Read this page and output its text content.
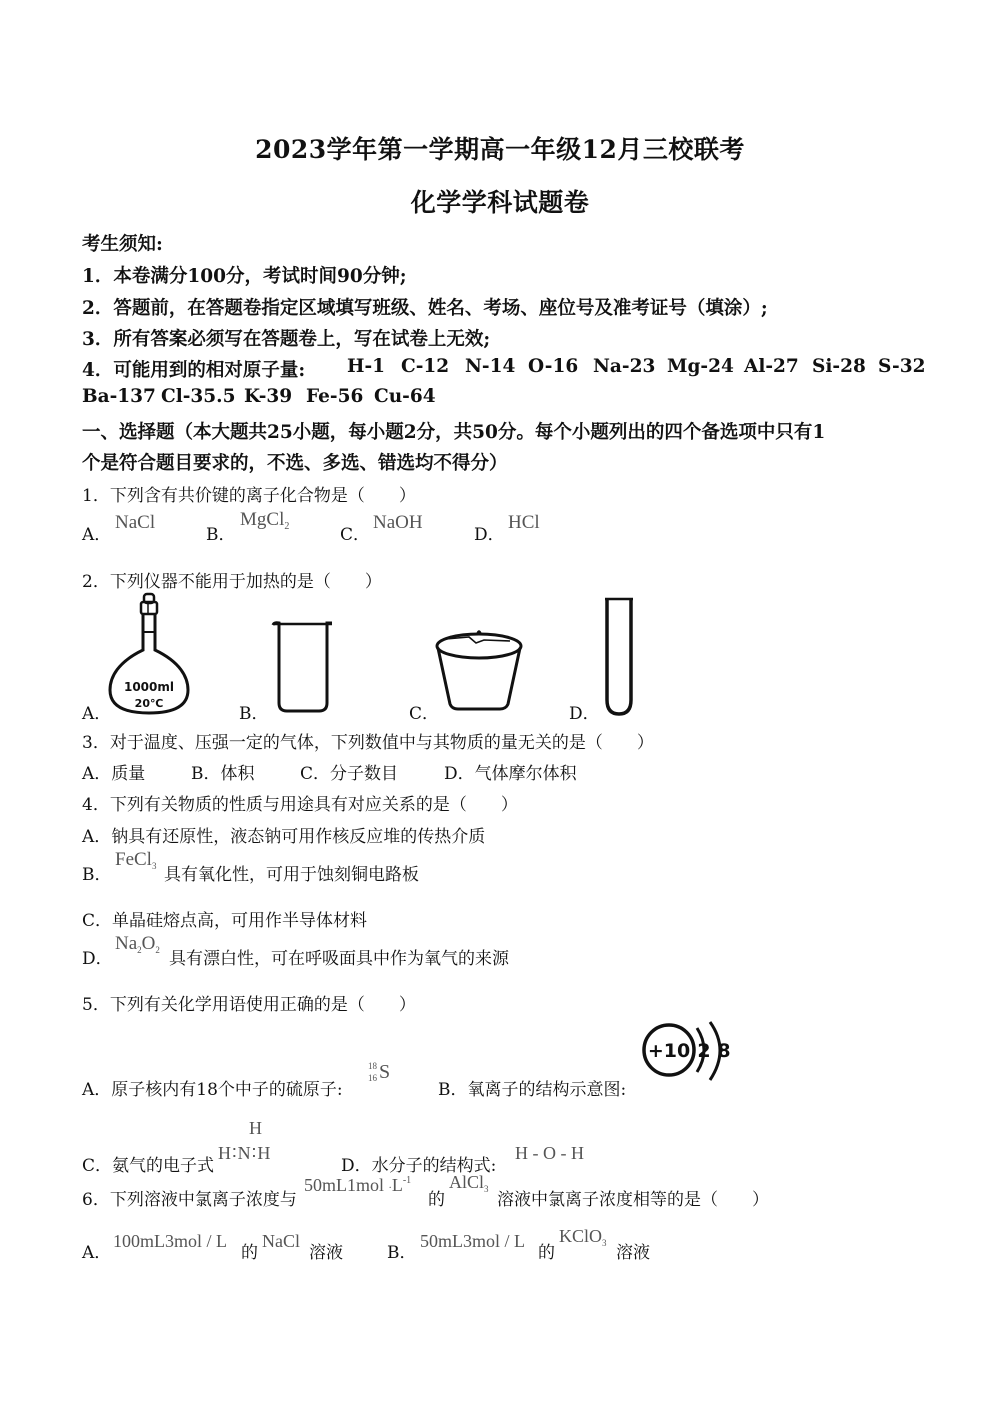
2023学年第一学期高一年级12月三校联考
化学学科试题卷
考生须知:
1．本卷满分100分，考试时间90分钟;
2．答题前，在答题卷指定区域填写班级、姓名、考场、座位号及准考证号（填涂）;
3．所有答案必须写在答题卷上，写在试卷上无效;
4．可能用到的相对原子量: H-1 C-12 N-14 O-16 Na-23 Mg-24 Al-27 Si-28 S-32
Ba-137 Cl-35.5 K-39 Fe-56 Cu-64
一、选择题（本大题共25小题，每小题2分，共50分。每个小题列出的四个备选项中只有1
个是符合题目要求的，不选、多选、错选均不得分）
1．下列含有共价键的离子化合物是（　　）
A．
NaCl
B．
MgCl$_2$	C．
NaOH
D．
HCl
2．下列仪器不能用于加热的是（　　）
1000ml
20℃
A．	B．	C．	D．
3．对于温度、压强一定的气体，下列数值中与其物质的量无关的是（　　）
A．质量	B．体积	C．分子数目	D．气体摩尔体积
4．下列有关物质的性质与用途具有对应关系的是（　　）
A．钠具有还原性，液态钠可用作核反应堆的传热介质
B．
FeCl$_3$ 具有氧化性，可用于蚀刻铜电路板
C．单晶硅熔点高，可用作半导体材料
D．
$Na_2O_2$ 具有漂白性，可在呼吸面具中作为氧气的来源
5．下列有关化学用语使用正确的是（　　）
A．原子核内有18个中子的硫原子:
18
16 S
B．氧离子的结构示意图:
+10 2 8
H
C．氨气的电子式
H∶N∶H
D．水分子的结构式:
H - O - H
6．下列溶液中氯离子浓度与
$50mL1mol \cdot L^{-1}$
的
AlCl$_3$
溶液中氯离子浓度相等的是（　　）
A．
100mL3mol / L
的
NaCl
溶液	B．
50mL3mol / L
的
KClO$_3$ 溶液
